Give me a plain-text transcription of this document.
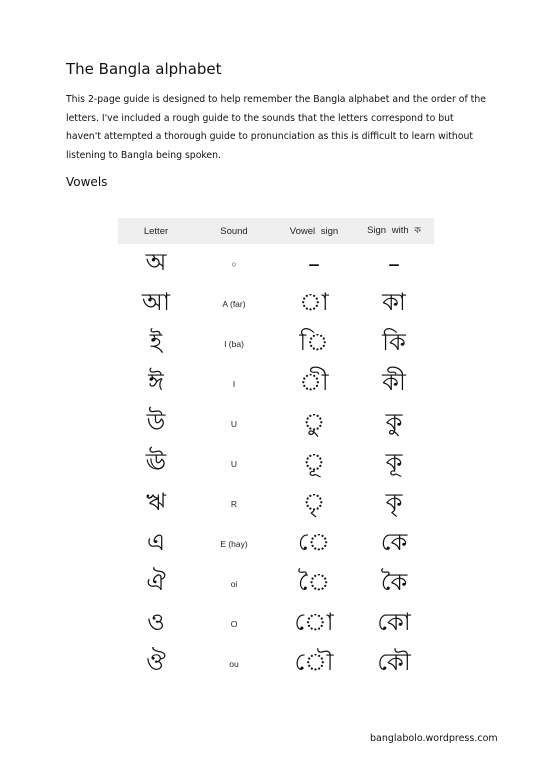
The Bangla alphabet
This 2-page guide is designed to help remember the Bangla alphabet and the order of the letters. I've included a rough guide to the sounds that the letters correspond to but haven't attempted a thorough guide to pronunciation as this is difficult to learn without listening to Bangla being spoken.
Vowels
Letter	Sound	Vowel sign	Sign with ক
অ	○	–	–
আ	A (far)	◌া	কা
ই	I (ba)	◌ি	কি
ঈ	I	◌ী	কী
উ	U	◌ু	কু
ঊ	U	◌ূ	কূ
ঋ	R	◌ৃ	কৃ
এ	E (hay)	◌ে	কে
ঐ	oi	◌ৈ	কৈ
ও	O	◌ো	কো
ঔ	ou	◌ৌ	কৌ
banglabolo.wordpress.com
